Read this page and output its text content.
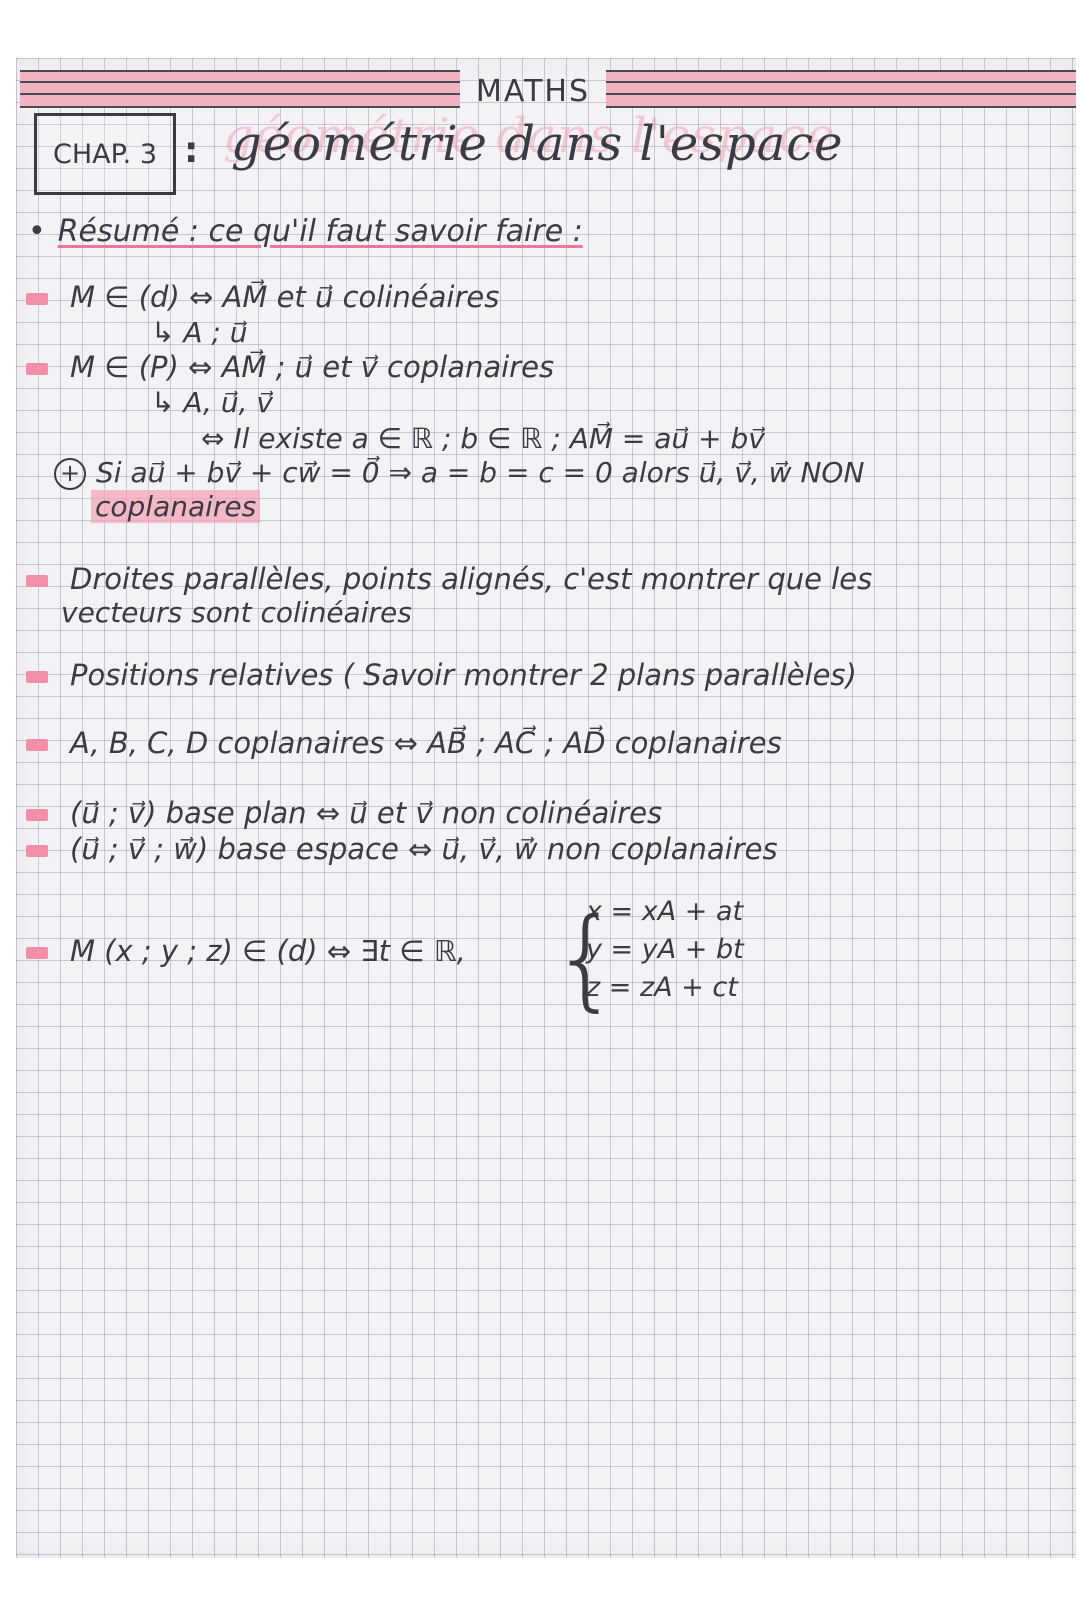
MATHS
CHAP. 3 : géométrie dans l'espace
• Résumé : ce qu'il faut savoir faire :
M ∈ (d) ⇔ AM⃗ et u⃗ colinéaires
↳ A ; u⃗
M ∈ (P) ⇔ AM⃗ ; u⃗ et v⃗ coplanaires
↳ A, u⃗, v⃗
⇔ Il existe a ∈ ℝ ; b ∈ ℝ ; AM⃗ = au⃗ + bv⃗
+ Si au⃗ + bv⃗ + cw⃗ = 0⃗ ⇒ a = b = c = 0 alors u⃗, v⃗, w⃗ NON
coplanaires
Droites parallèles, points alignés, c'est montrer que les
vecteurs sont colinéaires
Positions relatives ( Savoir montrer 2 plans parallèles)
A, B, C, D coplanaires ⇔ AB⃗ ; AC⃗ ; AD⃗ coplanaires
(u⃗ ; v⃗) base plan ⇔ u⃗ et v⃗ non colinéaires
(u⃗ ; v⃗ ; w⃗) base espace ⇔ u⃗, v⃗, w⃗ non coplanaires
M (x ; y ; z) ∈ (d) ⇔ ∃t ∈ ℝ, {
x = xA + at
y = yA + bt
z = zA + ct
